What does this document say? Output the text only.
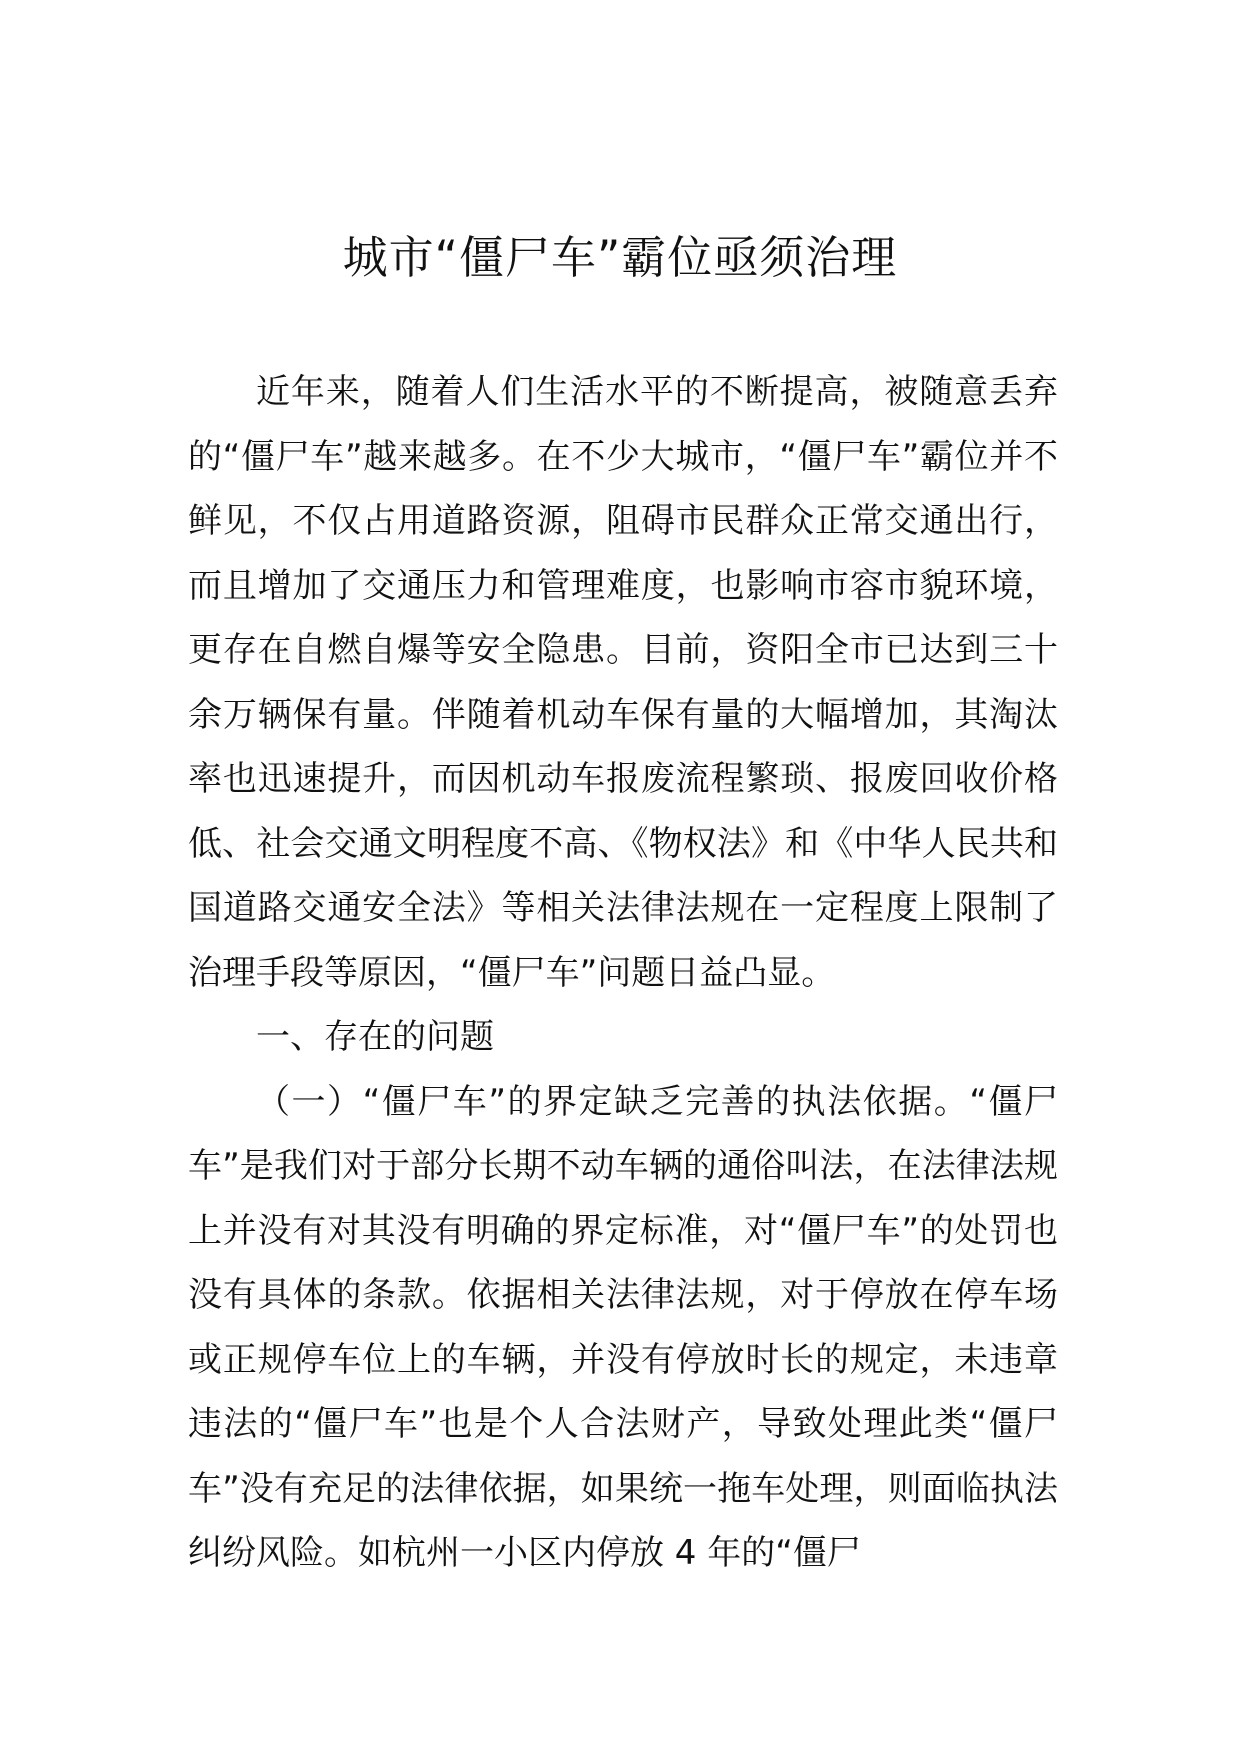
城市“僵尸车”霸位亟须治理

近年来，随着人们生活水平的不断提高，被随意丢弃的“僵尸车”越来越多。在不少大城市，“僵尸车”霸位并不鲜见，不仅占用道路资源，阻碍市民群众正常交通出行，而且增加了交通压力和管理难度，也影响市容市貌环境，更存在自燃自爆等安全隐患。目前，资阳全市已达到三十余万辆保有量。伴随着机动车保有量的大幅增加，其淘汰率也迅速提升，而因机动车报废流程繁琐、报废回收价格低、社会交通文明程度不高、《物权法》和《中华人民共和国道路交通安全法》等相关法律法规在一定程度上限制了治理手段等原因，“僵尸车”问题日益凸显。

一、存在的问题

（一）“僵尸车”的界定缺乏完善的执法依据。“僵尸车”是我们对于部分长期不动车辆的通俗叫法，在法律法规上并没有对其没有明确的界定标准，对“僵尸车”的处罚也没有具体的条款。依据相关法律法规，对于停放在停车场或正规停车位上的车辆，并没有停放时长的规定，未违章违法的“僵尸车”也是个人合法财产，导致处理此类“僵尸车”没有充足的法律依据，如果统一拖车处理，则面临执法纠纷风险。如杭州一小区内停放 4 年的“僵尸
